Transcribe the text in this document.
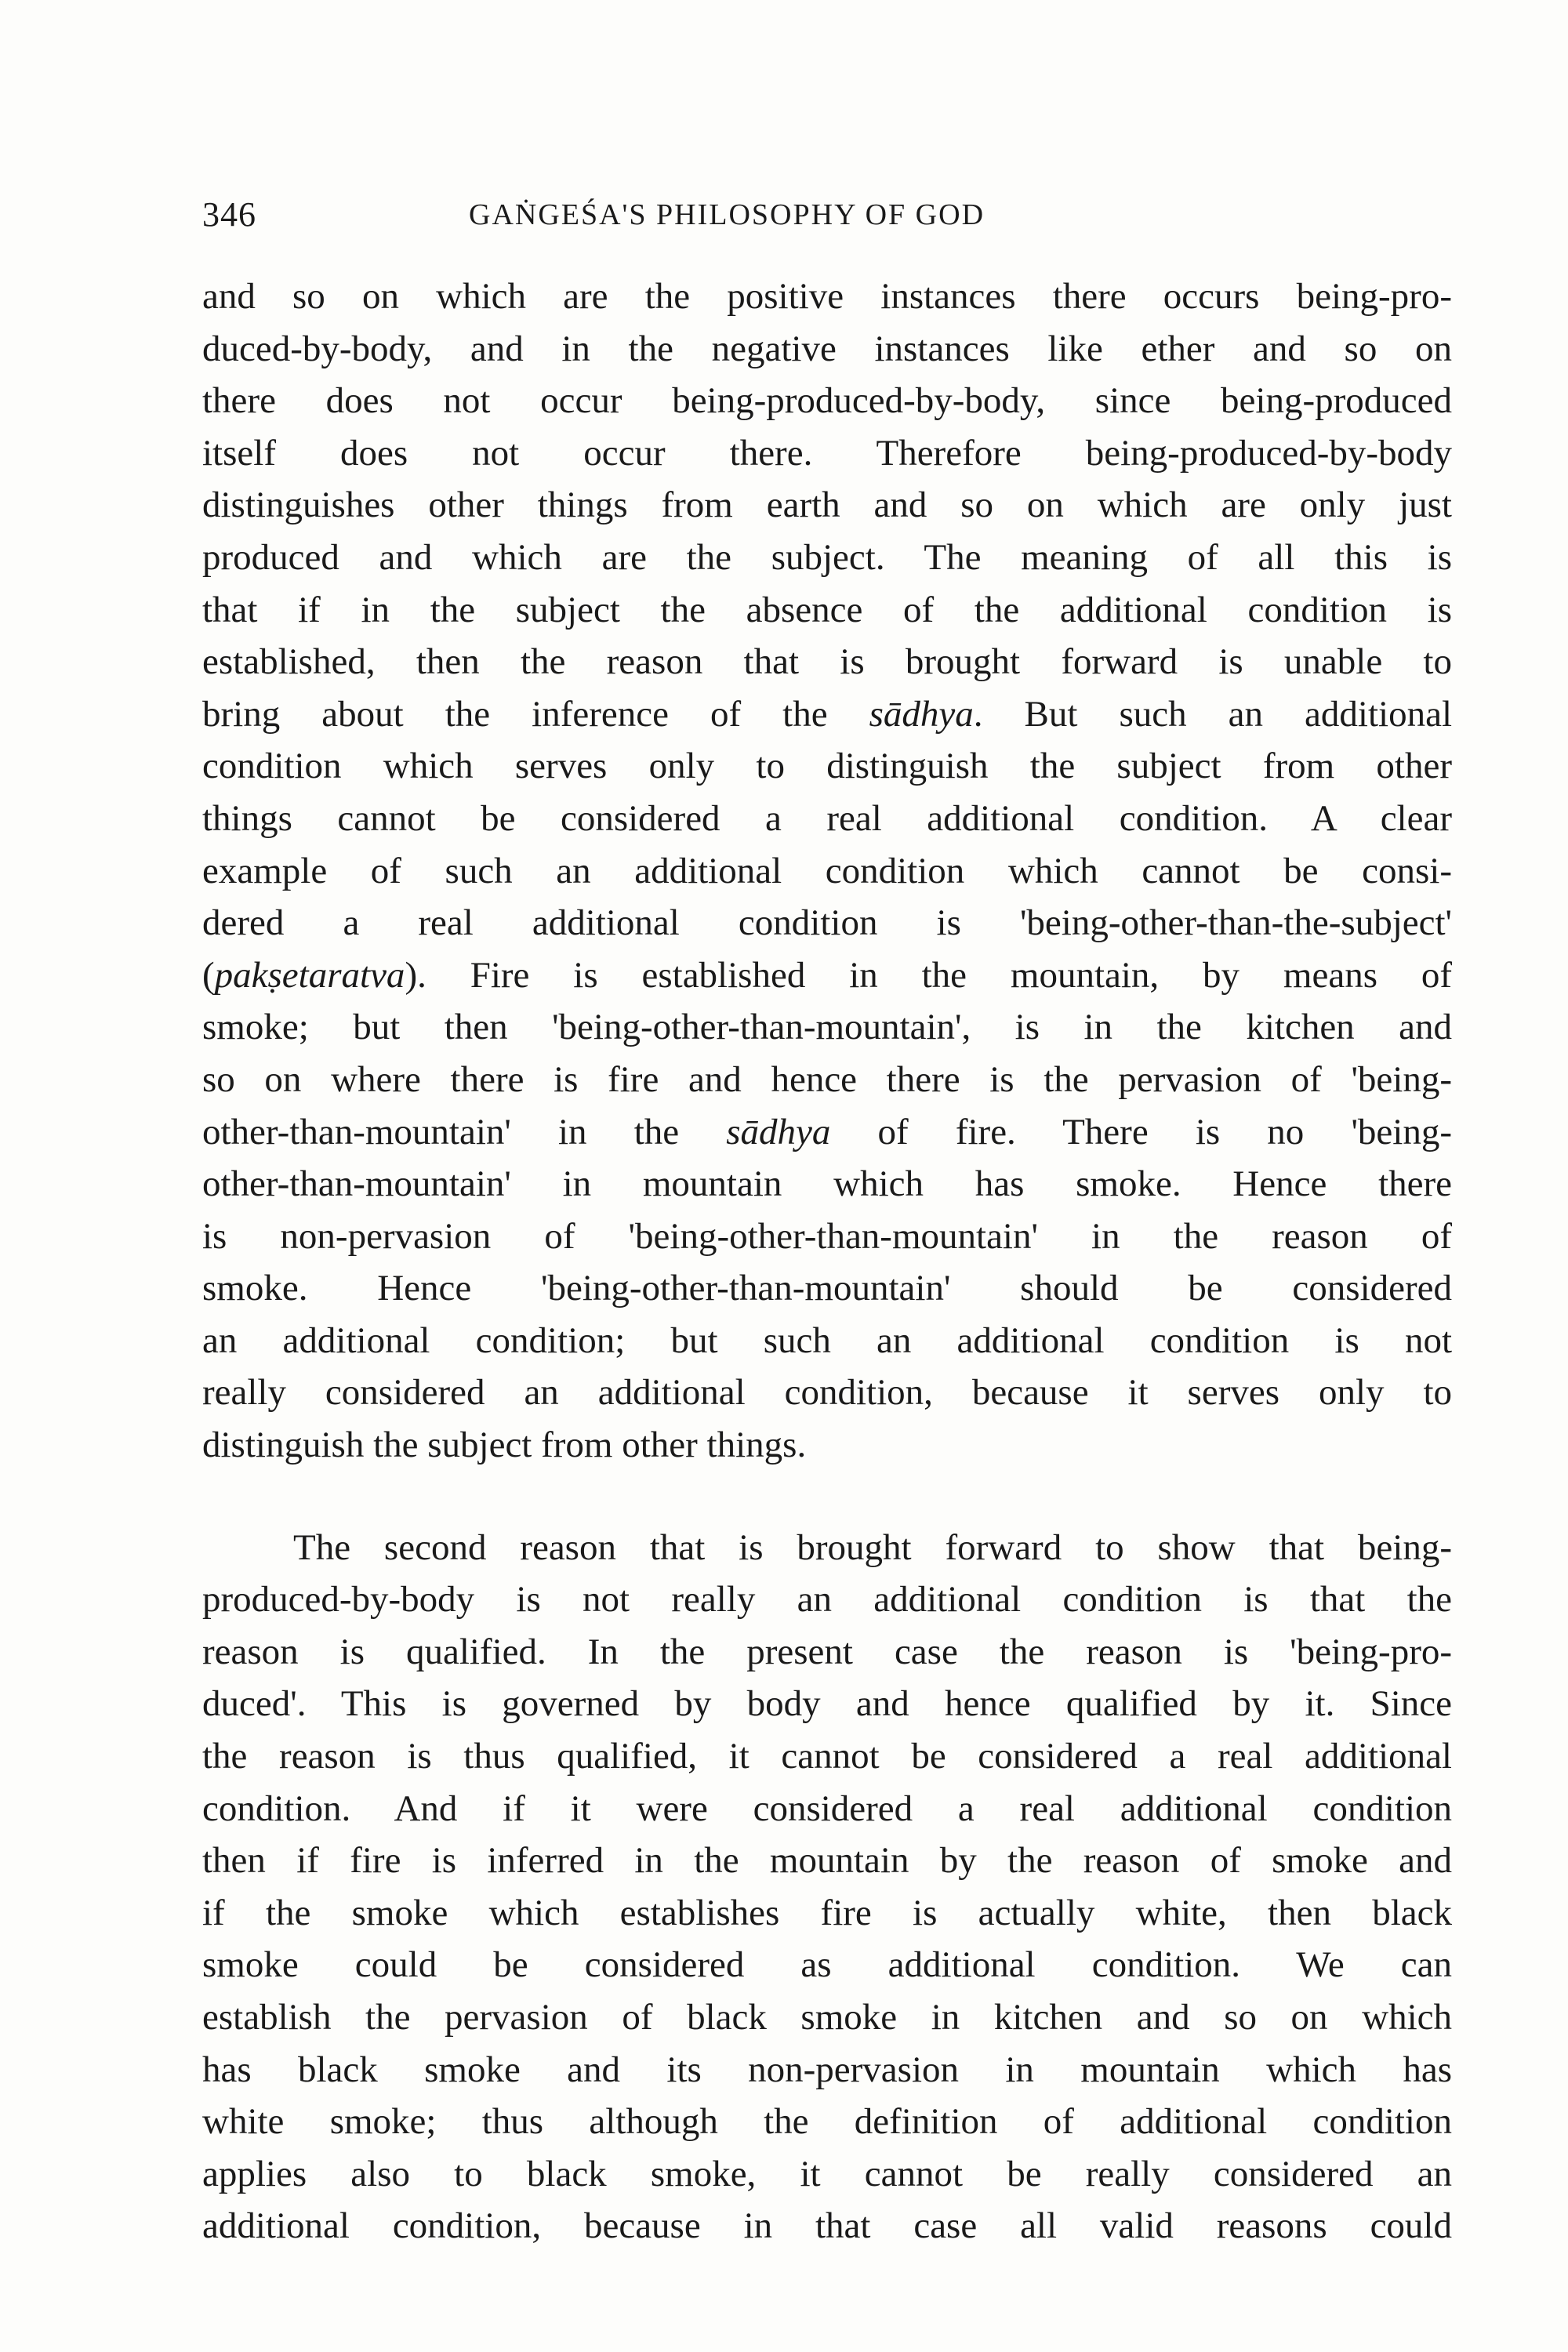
346	GAṄGEŚA'S PHILOSOPHY OF GOD
and so on which are the positive instances there occurs being-pro-
duced-by-body, and in the negative instances like ether and so on
there does not occur being-produced-by-body, since being-produced
itself does not occur there. Therefore being-produced-by-body
distinguishes other things from earth and so on which are only just
produced and which are the subject. The meaning of all this is
that if in the subject the absence of the additional condition is
established, then the reason that is brought forward is unable to
bring about the inference of the sādhya. But such an additional
condition which serves only to distinguish the subject from other
things cannot be considered a real additional condition. A clear
example of such an additional condition which cannot be consi-
dered a real additional condition is 'being-other-than-the-subject'
(pakṣetaratva). Fire is established in the mountain, by means of
smoke; but then 'being-other-than-mountain', is in the kitchen and
so on where there is fire and hence there is the pervasion of 'being-
other-than-mountain' in the sādhya of fire. There is no 'being-
other-than-mountain' in mountain which has smoke. Hence there
is non-pervasion of 'being-other-than-mountain' in the reason of
smoke. Hence 'being-other-than-mountain' should be considered
an additional condition; but such an additional condition is not
really considered an additional condition, because it serves only to
distinguish the subject from other things.
The second reason that is brought forward to show that being-
produced-by-body is not really an additional condition is that the
reason is qualified. In the present case the reason is 'being-pro-
duced'. This is governed by body and hence qualified by it. Since
the reason is thus qualified, it cannot be considered a real additional
condition. And if it were considered a real additional condition
then if fire is inferred in the mountain by the reason of smoke and
if the smoke which establishes fire is actually white, then black
smoke could be considered as additional condition. We can
establish the pervasion of black smoke in kitchen and so on which
has black smoke and its non-pervasion in mountain which has
white smoke; thus although the definition of additional condition
applies also to black smoke, it cannot be really considered an
additional condition, because in that case all valid reasons could
